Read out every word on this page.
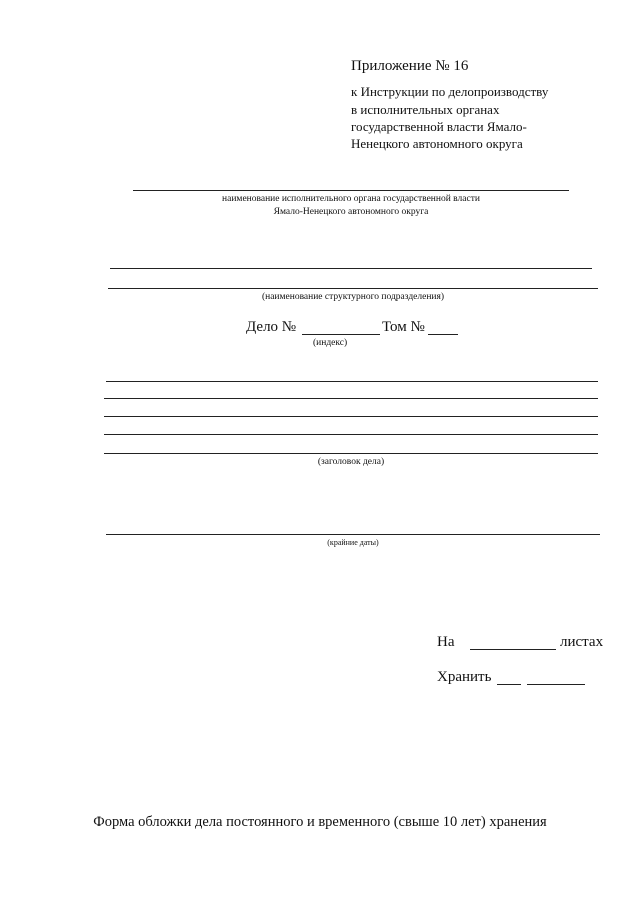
Приложение № 16
к Инструкции по делопроизводству
в исполнительных органах
государственной власти Ямало-
Ненецкого автономного округа
наименование исполнительного органа государственной власти
Ямало-Ненецкого автономного округа
(наименование структурного подразделения)
Дело №	Том №
(индекс)
(заголовок дела)
(крайние даты)
На	листах
Хранить
Форма обложки дела постоянного и временного (свыше 10 лет) хранения
